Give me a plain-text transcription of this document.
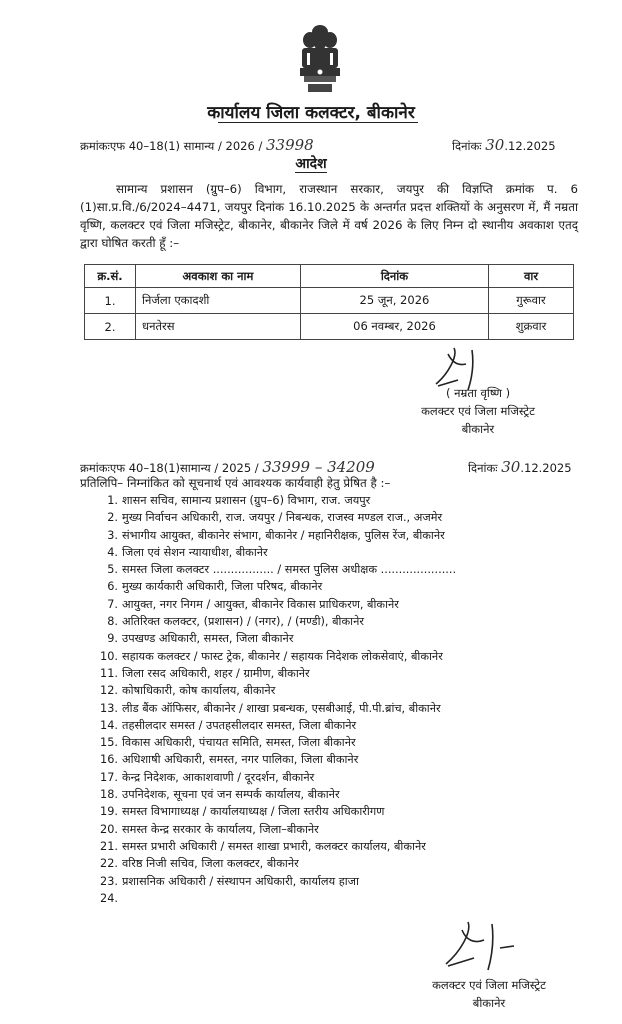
कार्यालय जिला कलक्टर, बीकानेर
क्रमांकःएफ 40–18(1) सामान्य / 2026 / 33998	दिनांकः 30.12.2025
आदेश
सामान्य प्रशासन (ग्रुप–6) विभाग, राजस्थान सरकार, जयपुर की विज्ञप्ति क्रमांक प. 6 (1)सा.प्र.वि./6/2024–4471, जयपुर दिनांक 16.10.2025 के अन्तर्गत प्रदत्त शक्तियों के अनुसरण में, मैं नम्रता वृष्णि, कलक्टर एवं जिला मजिस्ट्रेट, बीकानेर, बीकानेर जिले में वर्ष 2026 के लिए निम्न दो स्थानीय अवकाश एतद् द्वारा घोषित करती हूँ :–
क्र.सं.	अवकाश का नाम	दिनांक	वार
1.	निर्जला एकादशी	25 जून, 2026	गुरूवार
2.	धनतेरस	06 नवम्बर, 2026	शुक्रवार
( नम्रता वृष्णि )
कलक्टर एवं जिला मजिस्ट्रेट
बीकानेर
क्रमांकःएफ 40–18(1)सामान्य / 2025 / 33999 – 34209	दिनांकः 30.12.2025
प्रतिलिपि– निम्नांकित को सूचनार्थ एवं आवश्यक कार्यवाही हेतु प्रेषित है :–
1. शासन सचिव, सामान्य प्रशासन (ग्रुप–6) विभाग, राज. जयपुर
2. मुख्य निर्वाचन अधिकारी, राज. जयपुर / निबन्धक, राजस्व मण्डल राज., अजमेर
3. संभागीय आयुक्त, बीकानेर संभाग, बीकानेर / महानिरीक्षक, पुलिस रेंज, बीकानेर
4. जिला एवं सेशन न्यायाधीश, बीकानेर
5. समस्त जिला कलक्टर ................. / समस्त पुलिस अधीक्षक .....................
6. मुख्य कार्यकारी अधिकारी, जिला परिषद, बीकानेर
7. आयुक्त, नगर निगम / आयुक्त, बीकानेर विकास प्राधिकरण, बीकानेर
8. अतिरिक्त कलक्टर, (प्रशासन) / (नगर), / (मण्डी), बीकानेर
9. उपखण्ड अधिकारी, समस्त, जिला बीकानेर
10. सहायक कलक्टर / फास्ट ट्रेक, बीकानेर / सहायक निदेशक लोकसेवाएं, बीकानेर
11. जिला रसद अधिकारी, शहर / ग्रामीण, बीकानेर
12. कोषाधिकारी, कोष कार्यालय, बीकानेर
13. लीड बैंक ऑफिसर, बीकानेर / शाखा प्रबन्धक, एसबीआई, पी.पी.ब्रांच, बीकानेर
14. तहसीलदार समस्त / उपतहसीलदार समस्त, जिला बीकानेर
15. विकास अधिकारी, पंचायत समिति, समस्त, जिला बीकानेर
16. अधिशाषी अधिकारी, समस्त, नगर पालिका, जिला बीकानेर
17. केन्द्र निदेशक, आकाशवाणी / दूरदर्शन, बीकानेर
18. उपनिदेशक, सूचना एवं जन सम्पर्क कार्यालय, बीकानेर
19. समस्त विभागाध्यक्ष / कार्यालयाध्यक्ष / जिला स्तरीय अधिकारीगण
20. समस्त केन्द्र सरकार के कार्यालय, जिला–बीकानेर
21. समस्त प्रभारी अधिकारी / समस्त शाखा प्रभारी, कलक्टर कार्यालय, बीकानेर
22. वरिष्ठ निजी सचिव, जिला कलक्टर, बीकानेर
23. प्रशासनिक अधिकारी / संस्थापन अधिकारी, कार्यालय हाजा
24.
कलक्टर एवं जिला मजिस्ट्रेट
बीकानेर
